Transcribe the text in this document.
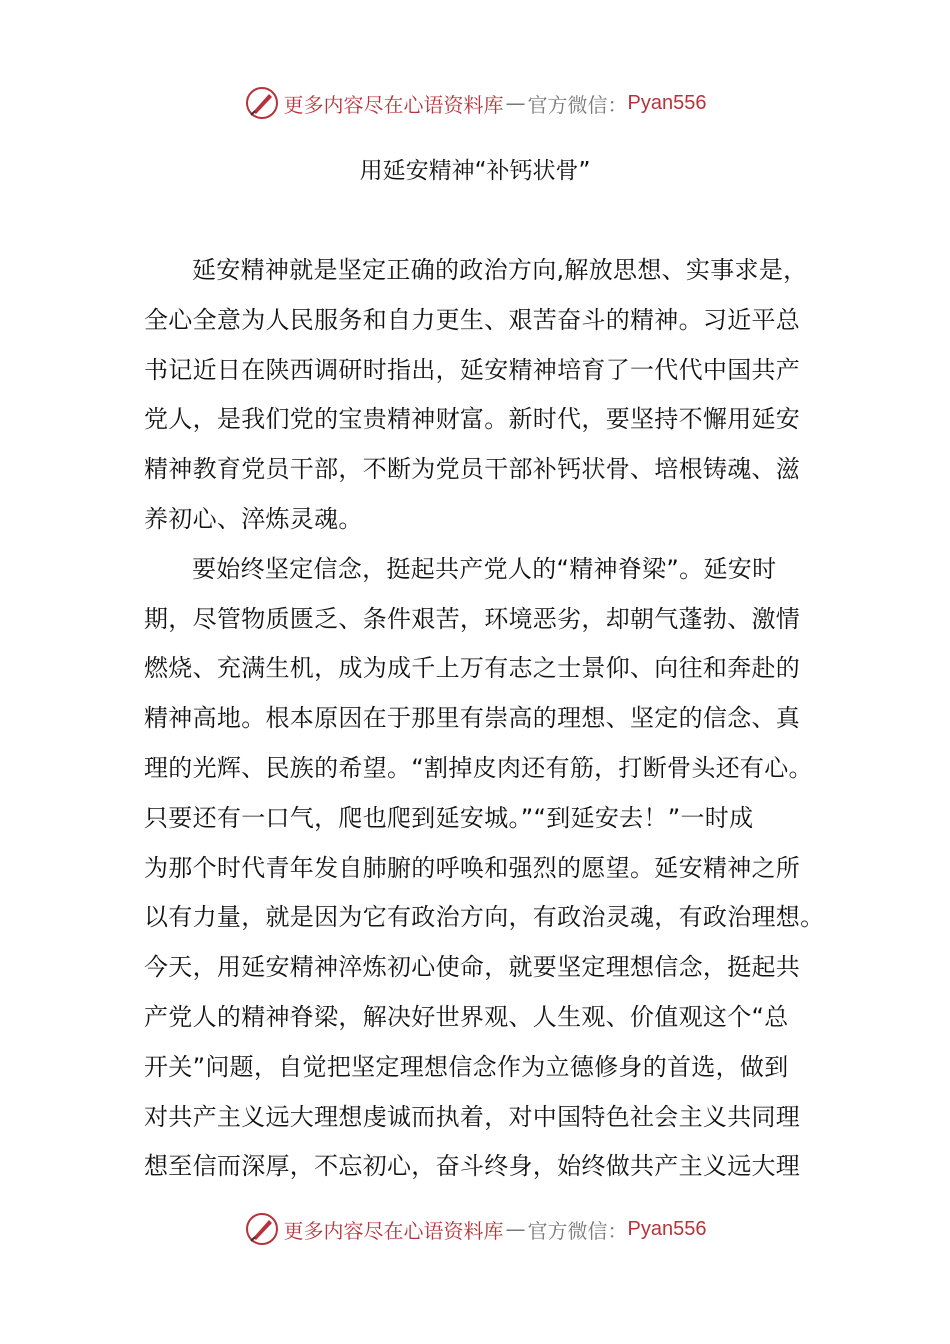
更多内容尽在心语资料库 — 官方微信： Pyan556
用延安精神“补钙状骨”
延安精神就是坚定正确的政治方向,解放思想、实事求是，
全心全意为人民服务和自力更生、艰苦奋斗的精神。习近平总
书记近日在陕西调研时指出，延安精神培育了一代代中国共产
党人，是我们党的宝贵精神财富。新时代，要坚持不懈用延安
精神教育党员干部，不断为党员干部补钙状骨、培根铸魂、滋
养初心、淬炼灵魂。
要始终坚定信念，挺起共产党人的“精神脊梁”。延安时
期，尽管物质匮乏、条件艰苦，环境恶劣，却朝气蓬勃、激情
燃烧、充满生机，成为成千上万有志之士景仰、向往和奔赴的
精神高地。根本原因在于那里有崇高的理想、坚定的信念、真
理的光辉、民族的希望。“割掉皮肉还有筋，打断骨头还有心。
只要还有一口气，爬也爬到延安城。”“到延安去！”一时成
为那个时代青年发自肺腑的呼唤和强烈的愿望。延安精神之所
以有力量，就是因为它有政治方向，有政治灵魂，有政治理想。
今天，用延安精神淬炼初心使命，就要坚定理想信念，挺起共
产党人的精神脊梁，解决好世界观、人生观、价值观这个“总
开关”问题，自觉把坚定理想信念作为立德修身的首选，做到
对共产主义远大理想虔诚而执着，对中国特色社会主义共同理
想至信而深厚，不忘初心，奋斗终身，始终做共产主义远大理
更多内容尽在心语资料库 — 官方微信： Pyan556
